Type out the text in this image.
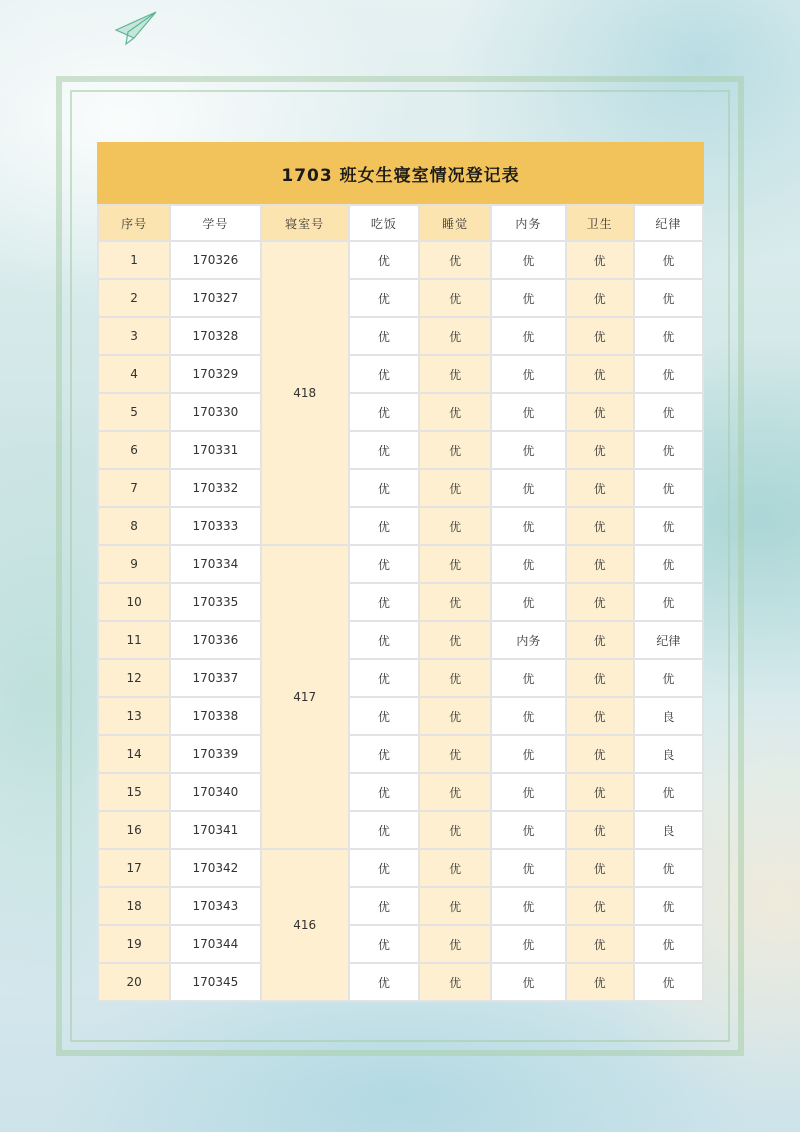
1703 班女生寝室情况登记表
序号	学号	寝室号	吃饭	睡觉	内务	卫生	纪律
1	170326	418	优	优	优	优	优
2	170327		优	优	优	优	优
3	170328		优	优	优	优	优
4	170329		优	优	优	优	优
5	170330		优	优	优	优	优
6	170331		优	优	优	优	优
7	170332		优	优	优	优	优
8	170333		优	优	优	优	优
9	170334	417	优	优	优	优	优
10	170335		优	优	优	优	优
11	170336		优	优	内务	优	纪律
12	170337		优	优	优	优	优
13	170338		优	优	优	优	良
14	170339		优	优	优	优	良
15	170340		优	优	优	优	优
16	170341		优	优	优	优	良
17	170342	416	优	优	优	优	优
18	170343		优	优	优	优	优
19	170344		优	优	优	优	优
20	170345		优	优	优	优	优
